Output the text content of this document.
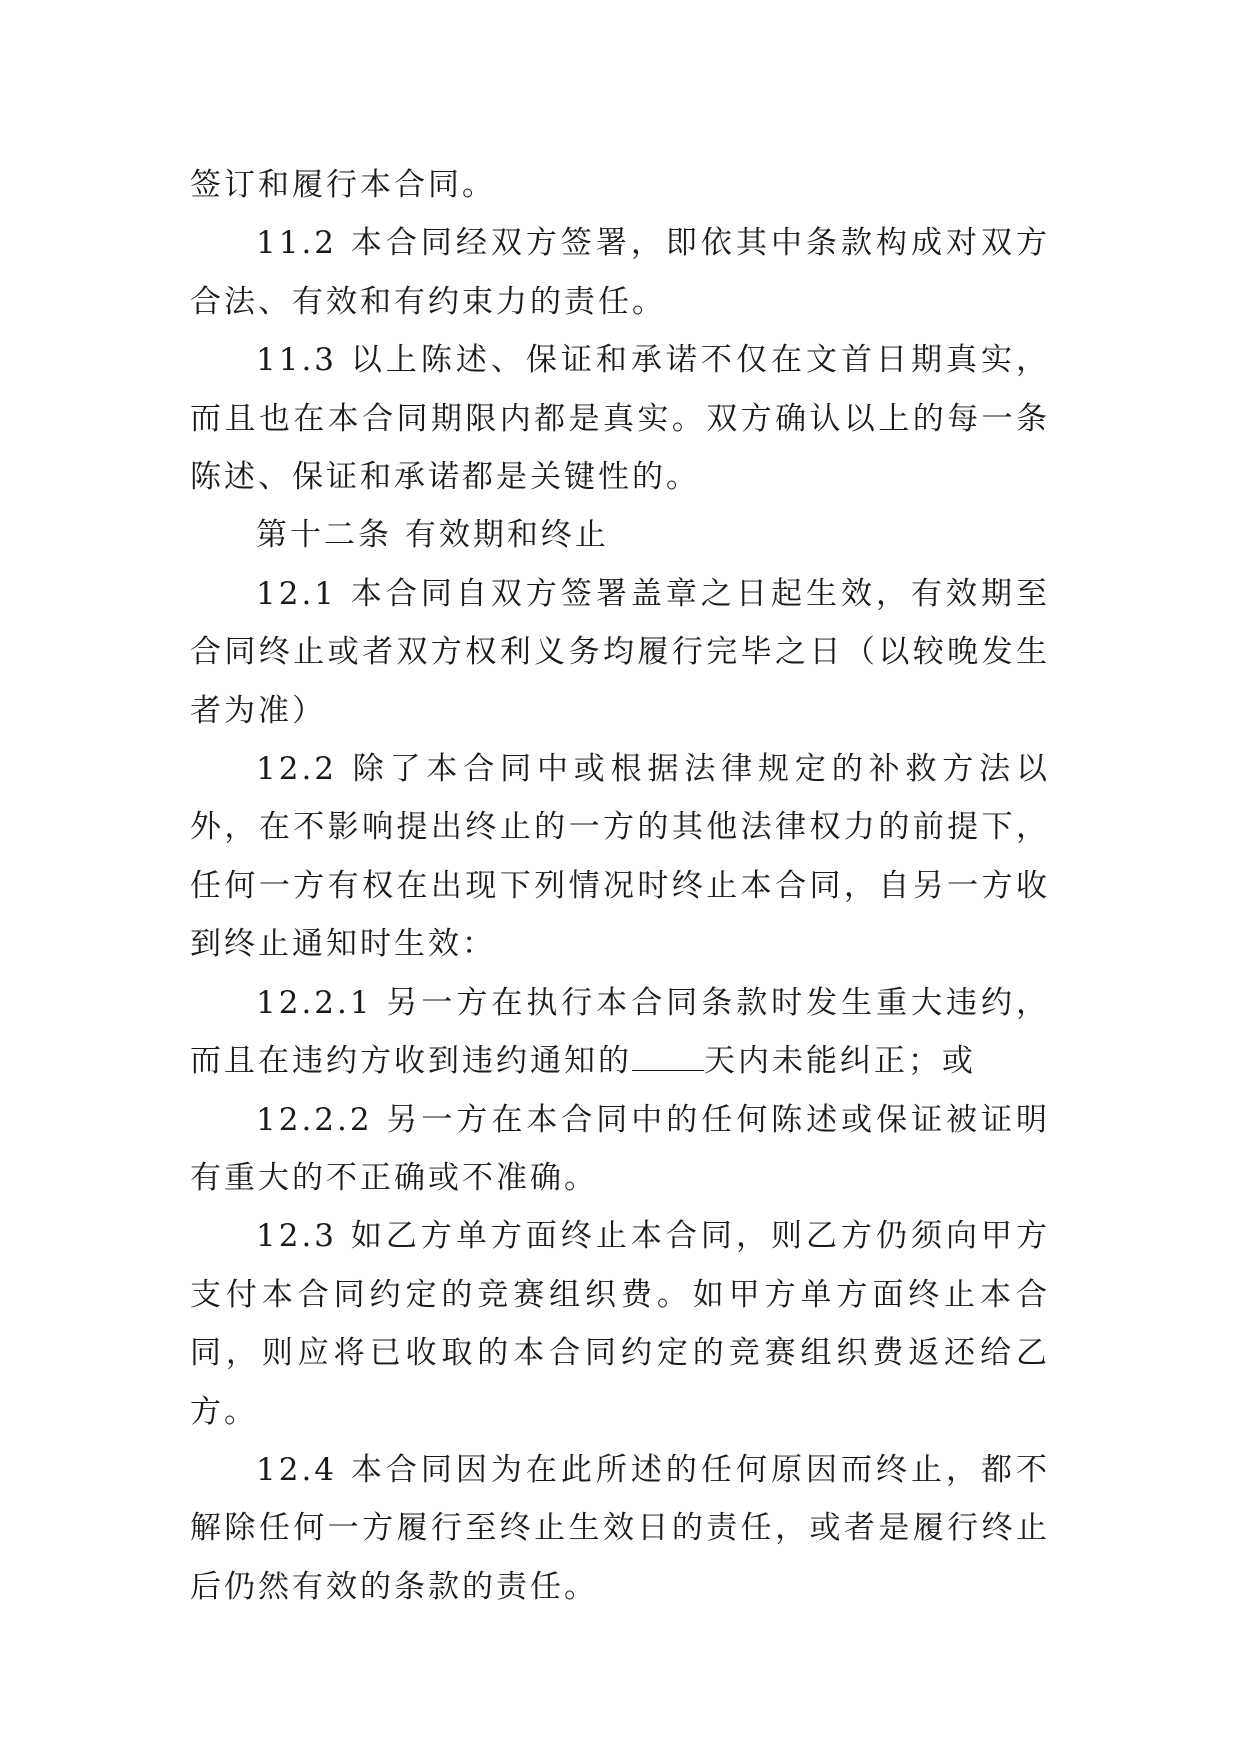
签订和履行本合同。

11.2 本合同经双方签署，即依其中条款构成对双方合法、有效和有约束力的责任。

11.3 以上陈述、保证和承诺不仅在文首日期真实，而且也在本合同期限内都是真实。双方确认以上的每一条陈述、保证和承诺都是关键性的。

第十二条 有效期和终止

12.1 本合同自双方签署盖章之日起生效，有效期至合同终止或者双方权利义务均履行完毕之日（以较晚发生者为准）

12.2 除了本合同中或根据法律规定的补救方法以外，在不影响提出终止的一方的其他法律权力的前提下，任何一方有权在出现下列情况时终止本合同，自另一方收到终止通知时生效：

12.2.1 另一方在执行本合同条款时发生重大违约，而且在违约方收到违约通知的 天内未能纠正；或

12.2.2 另一方在本合同中的任何陈述或保证被证明有重大的不正确或不准确。

12.3 如乙方单方面终止本合同，则乙方仍须向甲方支付本合同约定的竞赛组织费。如甲方单方面终止本合同，则应将已收取的本合同约定的竞赛组织费返还给乙方。

12.4 本合同因为在此所述的任何原因而终止，都不解除任何一方履行至终止生效日的责任，或者是履行终止后仍然有效的条款的责任。
